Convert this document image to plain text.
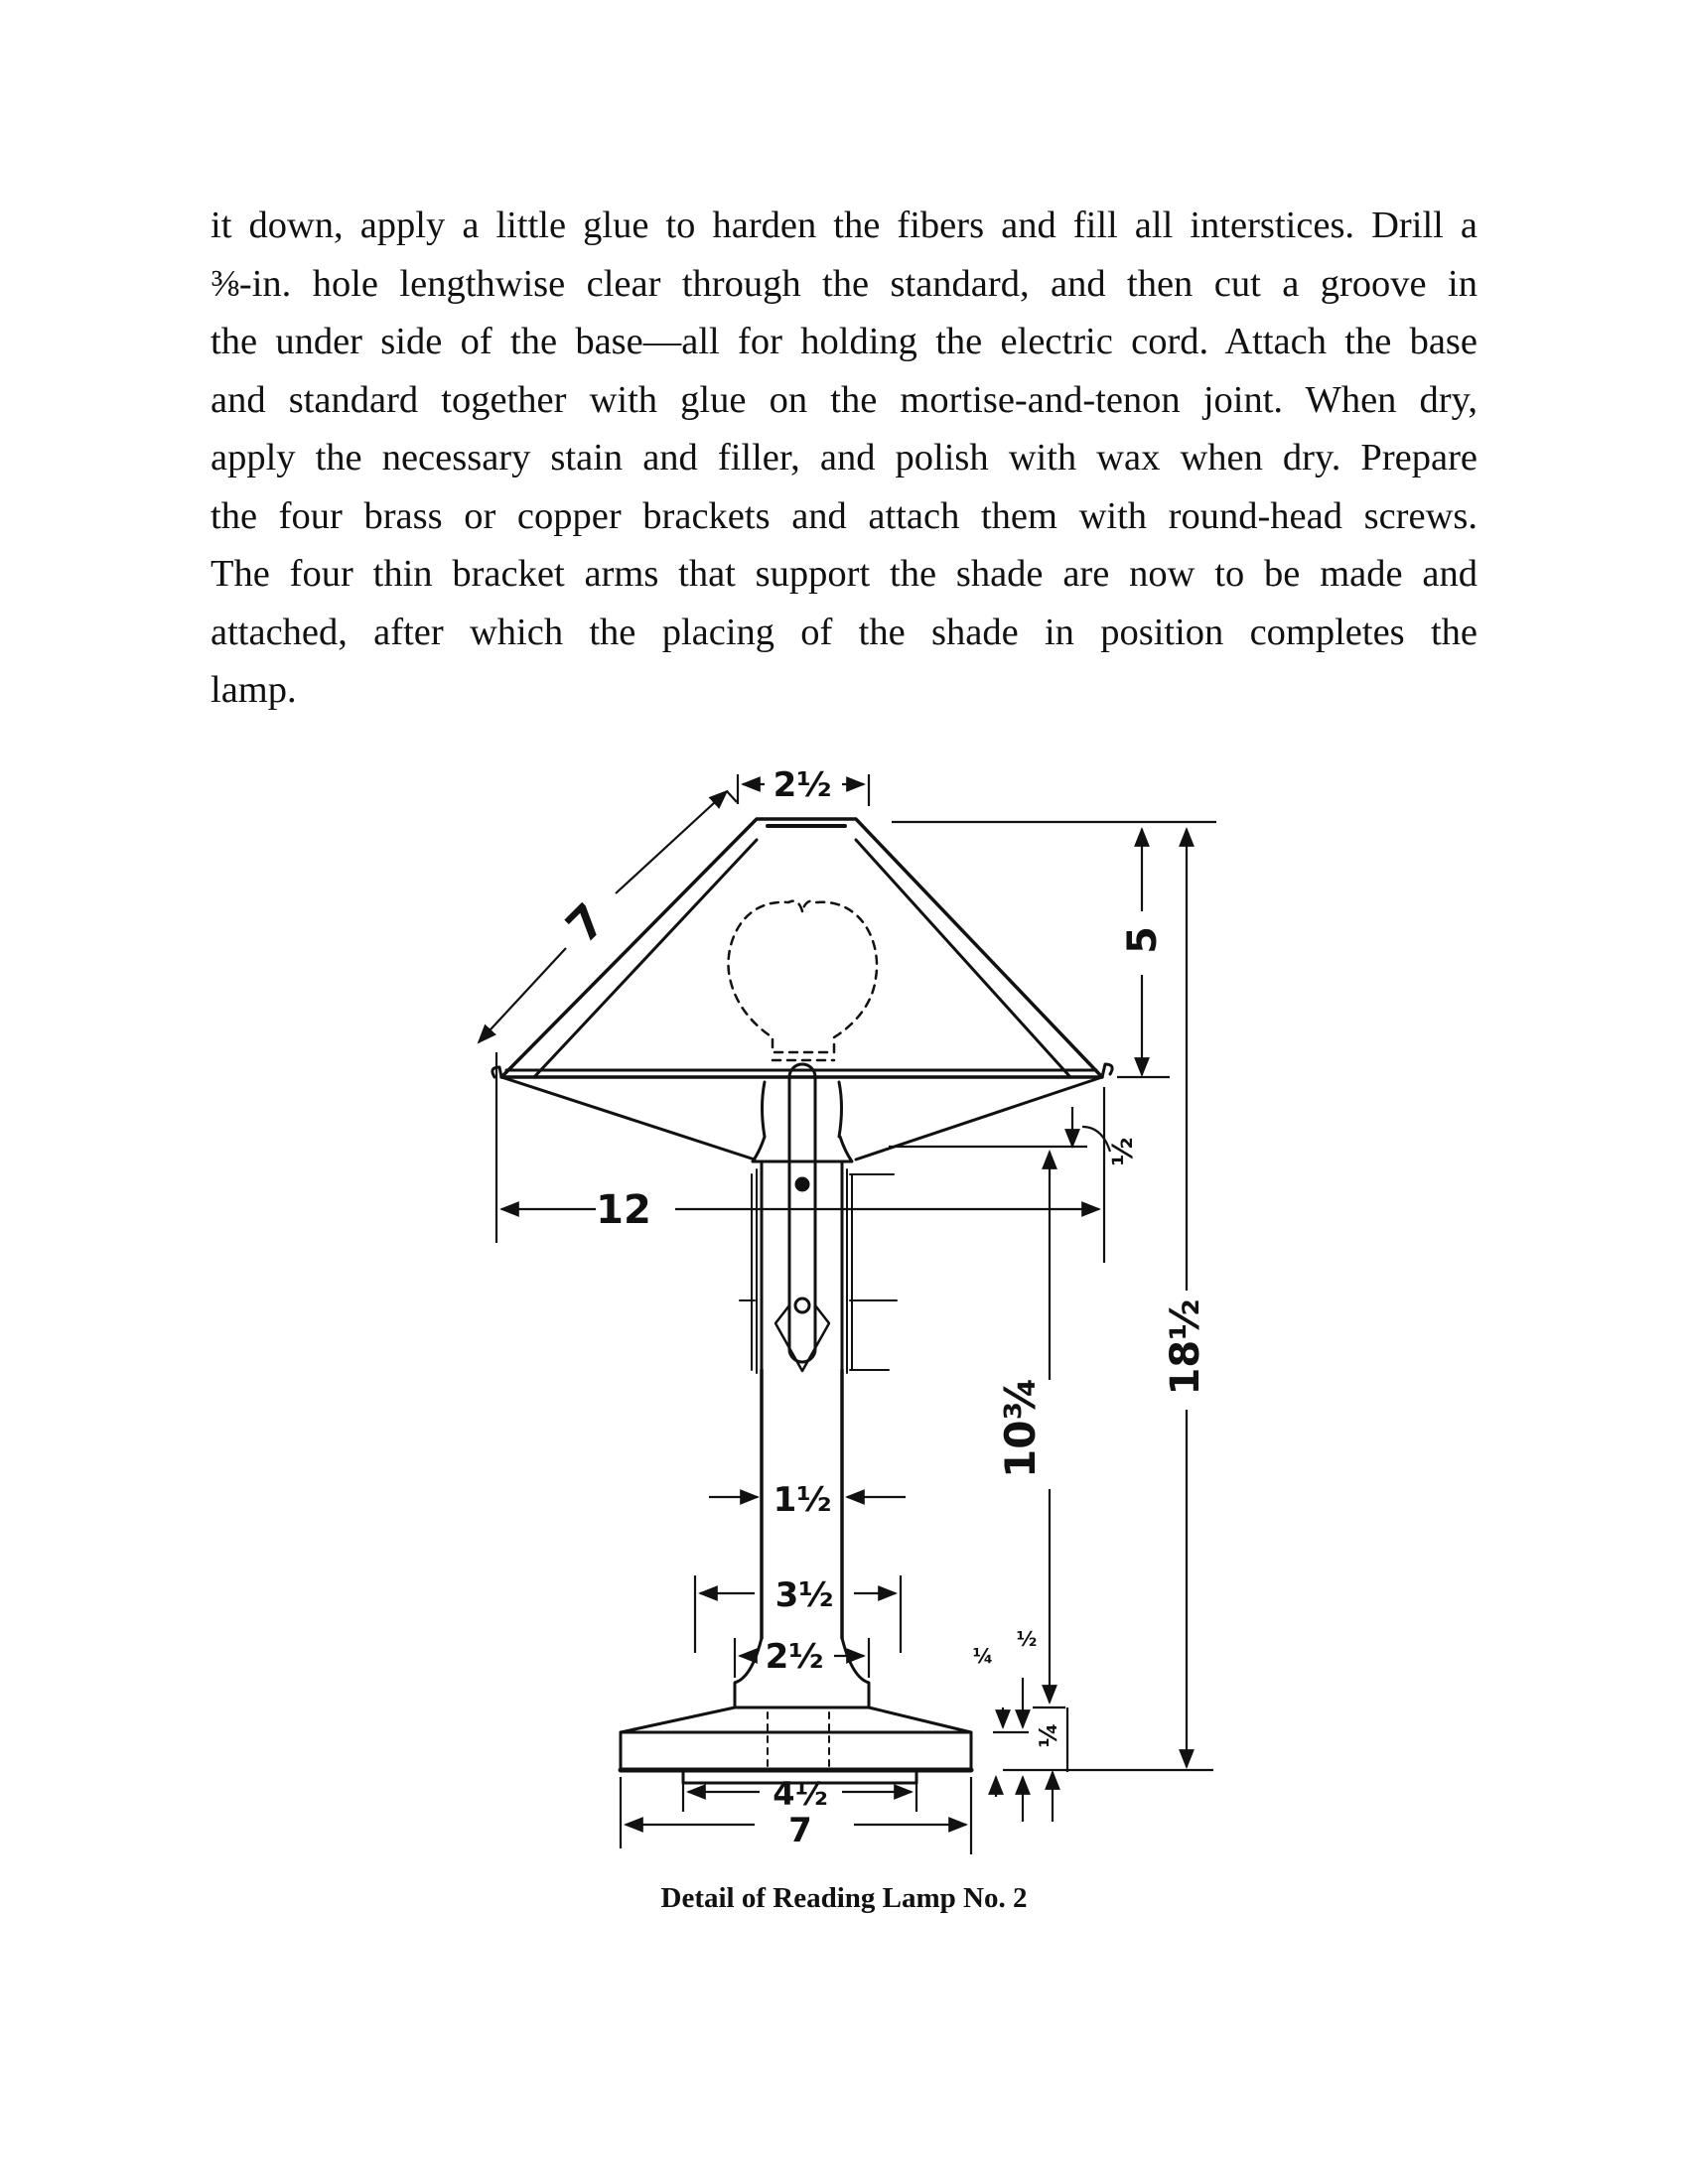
it down, apply a little glue to harden the fibers and fill all interstices. Drill a
⅜-in. hole lengthwise clear through the standard, and then cut a groove in
the under side of the base—all for holding the electric cord. Attach the base
and standard together with glue on the mortise-and-tenon joint. When dry,
apply the necessary stain and filler, and polish with wax when dry. Prepare
the four brass or copper brackets and attach them with round-head screws.
The four thin bracket arms that support the shade are now to be made and
attached, after which the placing of the shade in position completes the
lamp.
2½
7	5
12
½
18½
10¾
1½
3½
2½
4½
7
¼
½
¼
Detail of Reading Lamp No. 2
